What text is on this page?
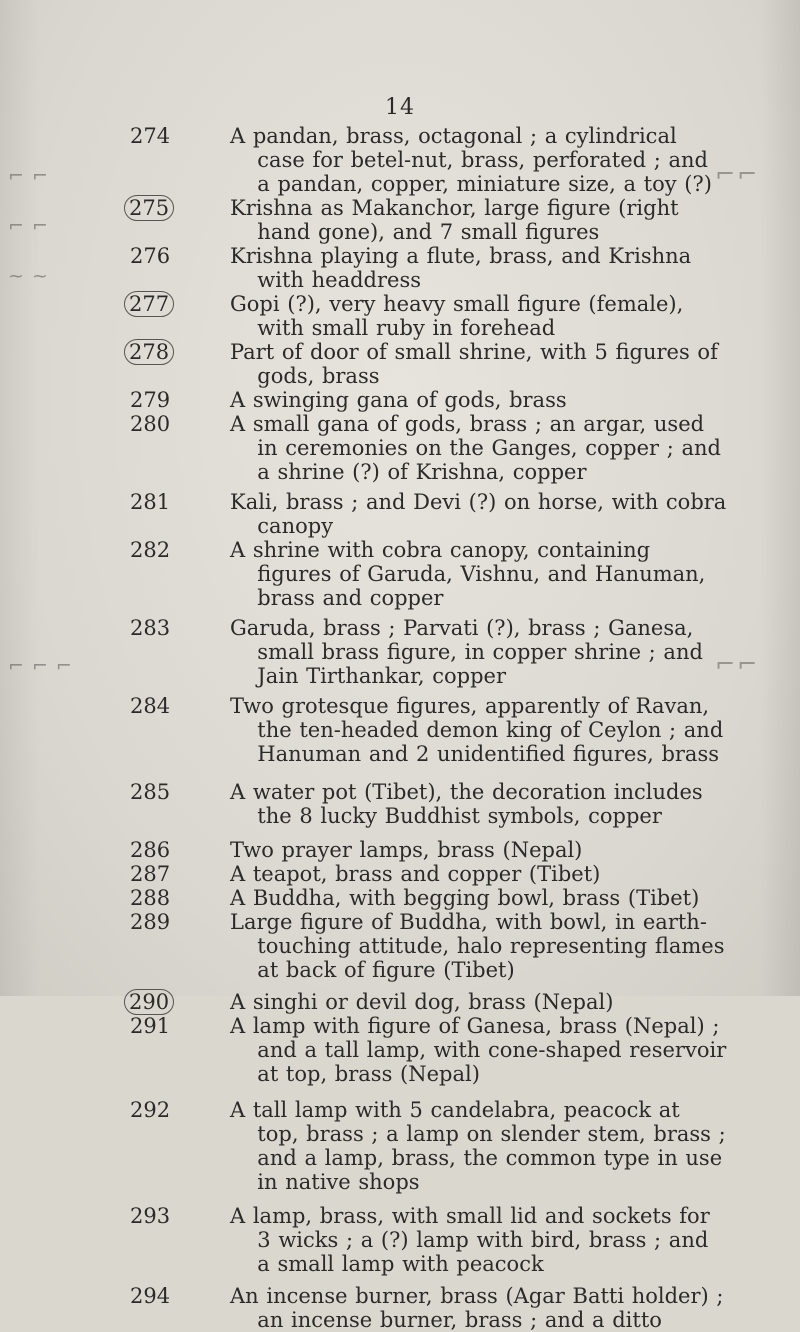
14
⌐ ⌐
⌐ ⌐
~ ~
⌐ ⌐ ⌐
⌐⌐
⌐⌐
274	A pandan, brass, octagonal ; a cylindrical case for betel-nut, brass, perforated ; and a pandan, copper, miniature size, a toy (?)
275	Krishna as Makanchor, large figure (right hand gone), and 7 small figures
276	Krishna playing a flute, brass, and Krishna with headdress
277	Gopi (?), very heavy small figure (female), with small ruby in forehead
278	Part of door of small shrine, with 5 figures of gods, brass
279	A swinging gana of gods, brass
280	A small gana of gods, brass ; an argar, used in ceremonies on the Ganges, copper ; and a shrine (?) of Krishna, copper
281	Kali, brass ; and Devi (?) on horse, with cobra canopy
282	A shrine with cobra canopy, containing figures of Garuda, Vishnu, and Hanuman, brass and copper
283	Garuda, brass ; Parvati (?), brass ; Ganesa, small brass figure, in copper shrine ; and Jain Tirthankar, copper
284	Two grotesque figures, apparently of Ravan, the ten-headed demon king of Ceylon ; and Hanuman and 2 unidentified figures, brass
285	A water pot (Tibet), the decoration includes the 8 lucky Buddhist symbols, copper
286	Two prayer lamps, brass (Nepal)
287	A teapot, brass and copper (Tibet)
288	A Buddha, with begging bowl, brass (Tibet)
289	Large figure of Buddha, with bowl, in earth-touching attitude, halo representing flames at back of figure (Tibet)
290	A singhi or devil dog, brass (Nepal)
291	A lamp with figure of Ganesa, brass (Nepal) ; and a tall lamp, with cone-shaped reservoir at top, brass (Nepal)
292	A tall lamp with 5 candelabra, peacock at top, brass ; a lamp on slender stem, brass ; and a lamp, brass, the common type in use in native shops
293	A lamp, brass, with small lid and sockets for 3 wicks ; a (?) lamp with bird, brass ; and a small lamp with peacock
294	An incense burner, brass (Agar Batti holder) ; an incense burner, brass ; and a ditto
